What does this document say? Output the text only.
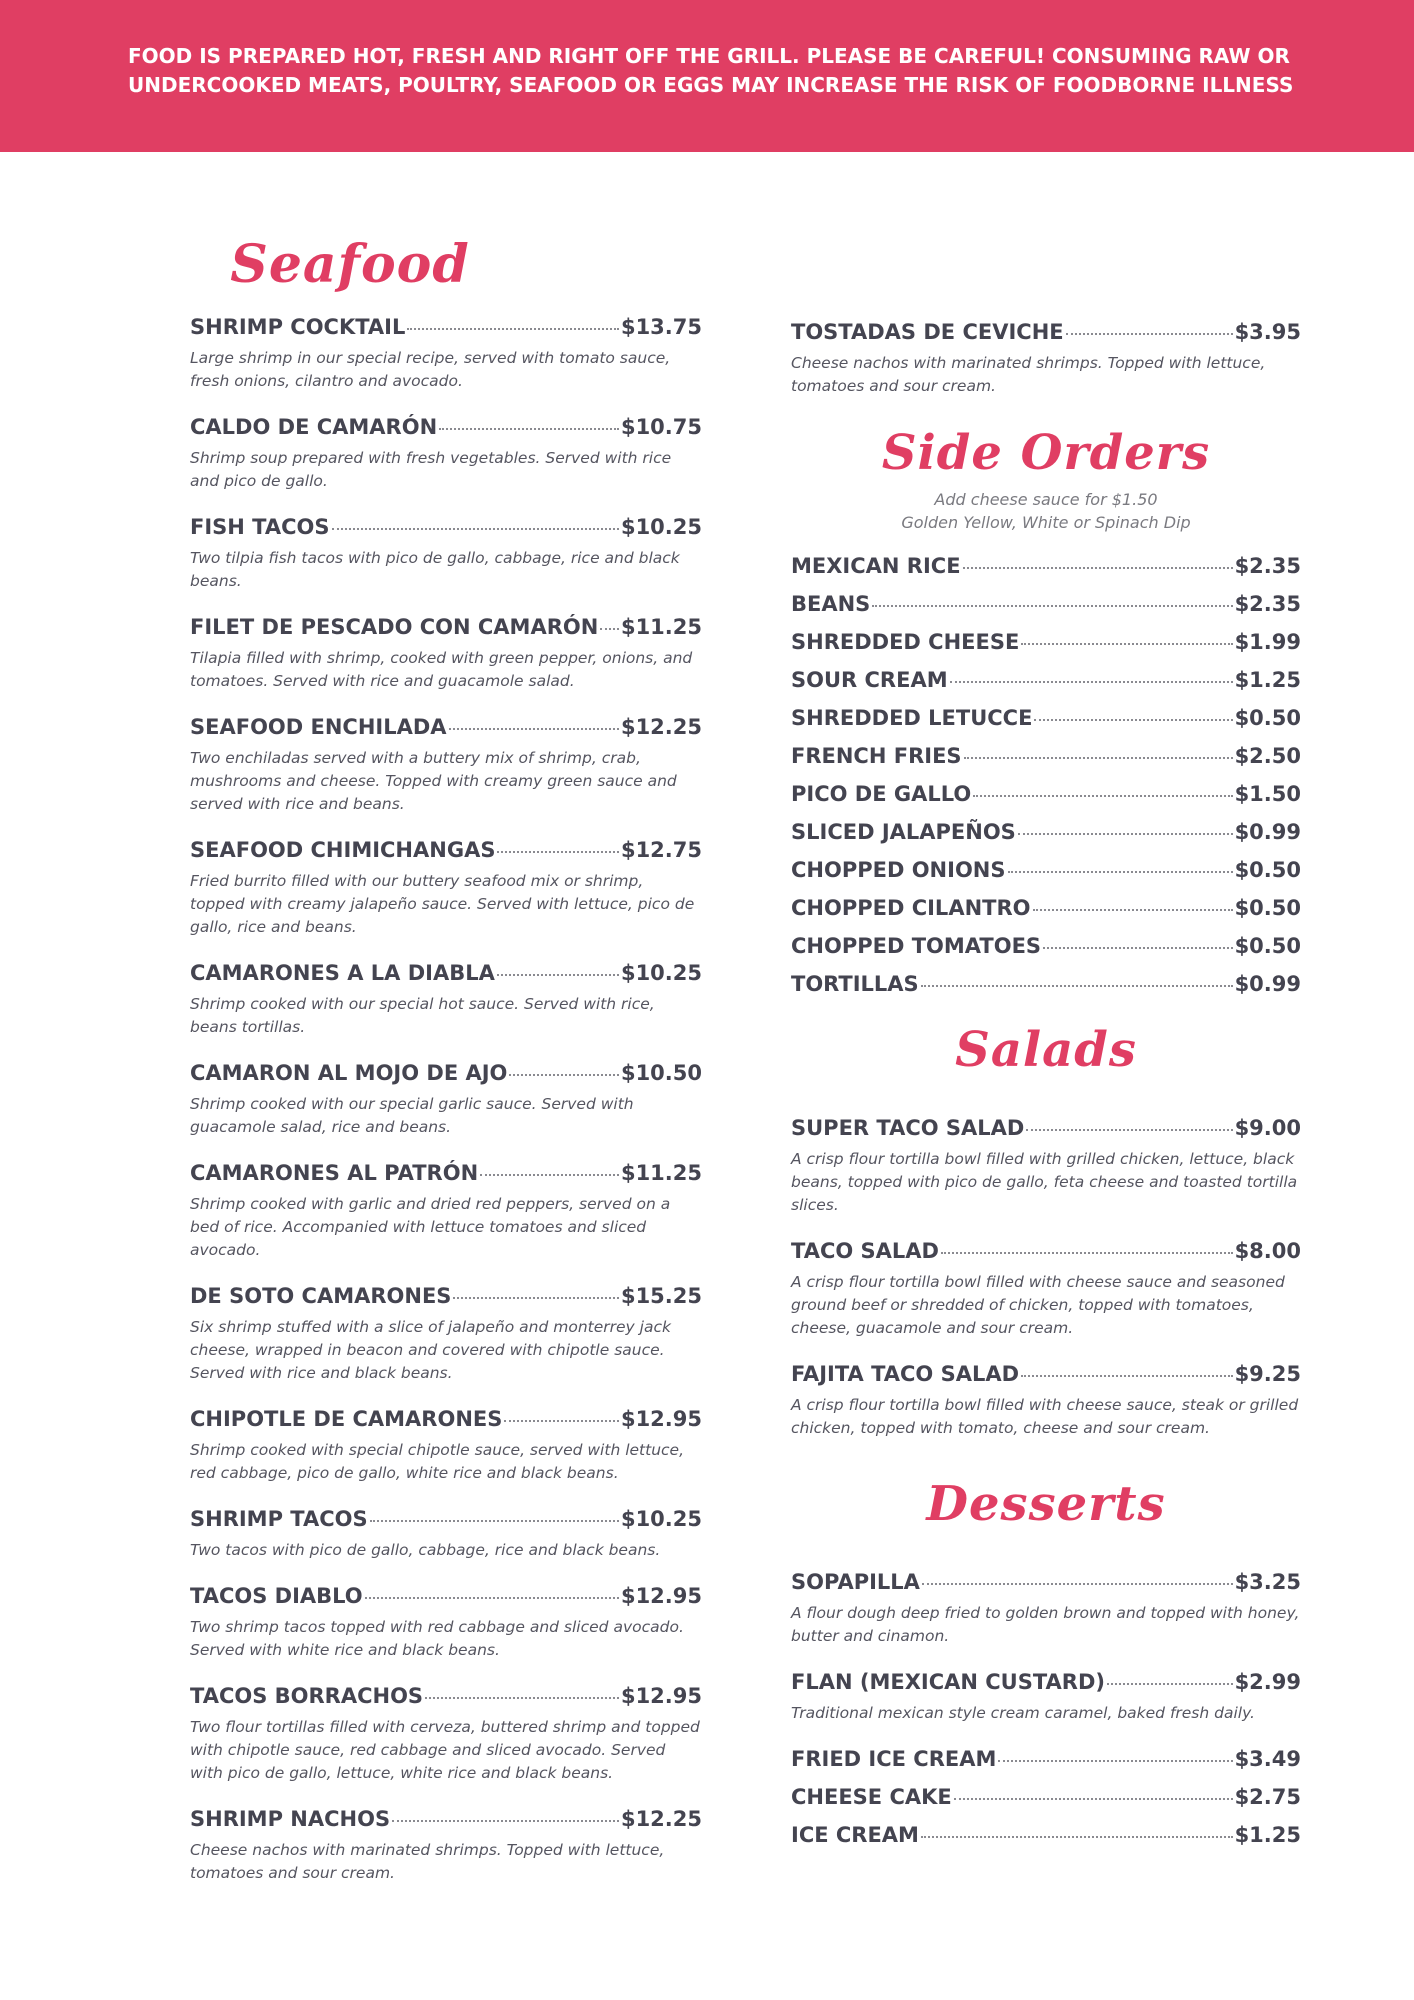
FOOD IS PREPARED HOT, FRESH AND RIGHT OFF THE GRILL. PLEASE BE CAREFUL! CONSUMING RAW OR
UNDERCOOKED MEATS, POULTRY, SEAFOOD OR EGGS MAY INCREASE THE RISK OF FOODBORNE ILLNESS
Seafood
SHRIMP COCKTAIL	$13.75
Large shrimp in our special recipe, served with tomato sauce, fresh onions, cilantro and avocado.
CALDO DE CAMARÓN	$10.75
Shrimp soup prepared with fresh vegetables. Served with rice and pico de gallo.
FISH TACOS	$10.25
Two tilpia fish tacos with pico de gallo, cabbage, rice and black beans.
FILET DE PESCADO CON CAMARÓN $11.25
Tilapia filled with shrimp, cooked with green pepper, onions, and tomatoes. Served with rice and guacamole salad.
SEAFOOD ENCHILADA	$12.25
Two enchiladas served with a buttery mix of shrimp, crab, mushrooms and cheese. Topped with creamy green sauce and served with rice and beans.
SEAFOOD CHIMICHANGAS	$12.75
Fried burrito filled with our buttery seafood mix or shrimp, topped with creamy jalapeño sauce. Served with lettuce, pico de gallo, rice and beans.
CAMARONES A LA DIABLA	$10.25
Shrimp cooked with our special hot sauce. Served with rice, beans tortillas.
CAMARON AL MOJO DE AJO	$10.50
Shrimp cooked with our special garlic sauce. Served with guacamole salad, rice and beans.
CAMARONES AL PATRÓN	$11.25
Shrimp cooked with garlic and dried red peppers, served on a bed of rice. Accompanied with lettuce tomatoes and sliced avocado.
DE SOTO CAMARONES	$15.25
Six shrimp stuffed with a slice of jalapeño and monterrey jack cheese, wrapped in beacon and covered with chipotle sauce. Served with rice and black beans.
CHIPOTLE DE CAMARONES	$12.95
Shrimp cooked with special chipotle sauce, served with lettuce, red cabbage, pico de gallo, white rice and black beans.
SHRIMP TACOS	$10.25
Two tacos with pico de gallo, cabbage, rice and black beans.
TACOS DIABLO	$12.95
Two shrimp tacos topped with red cabbage and sliced avocado. Served with white rice and black beans.
TACOS BORRACHOS	$12.95
Two flour tortillas filled with cerveza, buttered shrimp and topped with chipotle sauce, red cabbage and sliced avocado. Served with pico de gallo, lettuce, white rice and black beans.
SHRIMP NACHOS	$12.25
Cheese nachos with marinated shrimps. Topped with lettuce, tomatoes and sour cream.
TOSTADAS DE CEVICHE	$3.95
Cheese nachos with marinated shrimps. Topped with lettuce, tomatoes and sour cream.
Side Orders
Add cheese sauce for $1.50
Golden Yellow, White or Spinach Dip
MEXICAN RICE	$2.35
BEANS	$2.35
SHREDDED CHEESE	$1.99
SOUR CREAM	$1.25
SHREDDED LETUCCE	$0.50
FRENCH FRIES	$2.50
PICO DE GALLO	$1.50
SLICED JALAPEÑOS	$0.99
CHOPPED ONIONS	$0.50
CHOPPED CILANTRO	$0.50
CHOPPED TOMATOES	$0.50
TORTILLAS	$0.99
Salads
SUPER TACO SALAD	$9.00
A crisp flour tortilla bowl filled with grilled chicken, lettuce, black beans, topped with pico de gallo, feta cheese and toasted tortilla slices.
TACO SALAD	$8.00
A crisp flour tortilla bowl filled with cheese sauce and seasoned ground beef or shredded of chicken, topped with tomatoes, cheese, guacamole and sour cream.
FAJITA TACO SALAD	$9.25
A crisp flour tortilla bowl filled with cheese sauce, steak or grilled chicken, topped with tomato, cheese and sour cream.
Desserts
SOPAPILLA	$3.25
A flour dough deep fried to golden brown and topped with honey, butter and cinamon.
FLAN (MEXICAN CUSTARD)	$2.99
Traditional mexican style cream caramel, baked fresh daily.
FRIED ICE CREAM	$3.49
CHEESE CAKE	$2.75
ICE CREAM	$1.25
